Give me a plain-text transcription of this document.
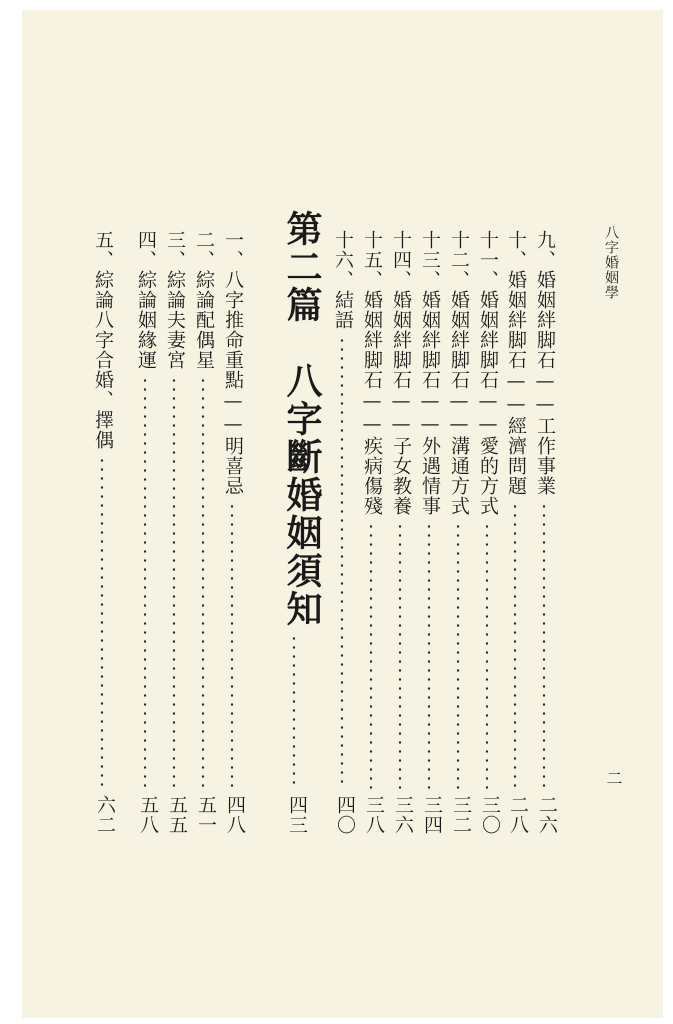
八字婚姻學
二
九、婚姻絆脚石——工作事業
二六
十、婚姻絆脚石——經濟問題
二八
十一、婚姻絆脚石——愛的方式
三〇
十二、婚姻絆脚石——溝通方式
三二
十三、婚姻絆脚石——外遇情事
三四
十四、婚姻絆脚石——子女教養
三六
十五、婚姻絆脚石——疾病傷殘
三八
十六、結語
四〇
第二篇　八字斷婚姻須知
四三
一、八字推命重點——明喜忌
四八
二、綜論配偶星
五一
三、綜論夫妻宮
五五
四、綜論姻緣運
五八
五、綜論八字合婚、擇偶
六二
